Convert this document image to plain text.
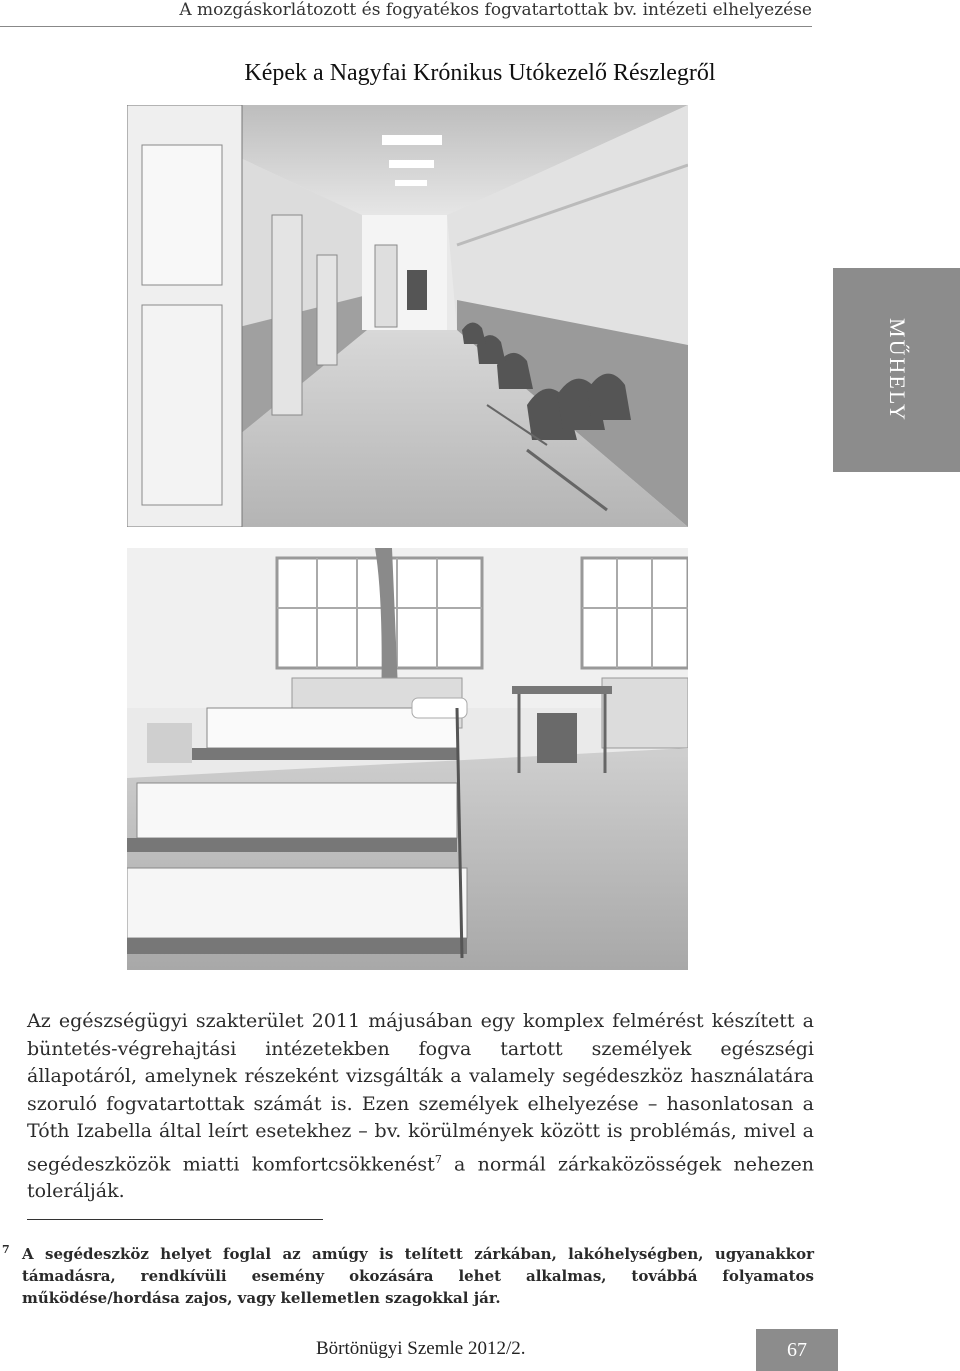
A mozgáskorlátozott és fogyatékos fogvatartottak bv. intézeti elhelyezése
Képek a Nagyfai Krónikus Utókezelő Részlegről
MŰHELY

Az egészségügyi szakterület 2011 májusában egy komplex felmérést készített a büntetés-végrehajtási intézetekben fogva tartott személyek egészségi állapotáról, amelynek részeként vizsgálták a valamely segédeszköz használatára szoruló fogvatartottak számát is. Ezen személyek elhelyezése – hasonlatosan a Tóth Izabella által leírt esetekhez – bv. körülmények között is problémás, mivel a segédeszközök miatti komfortcsökkenést$^7$ a normál zárkaközösségek nehezen tolerálják.

7 A segédeszköz helyet foglal az amúgy is telített zárkában, lakóhelységben, ugyanakkor támadásra, rendkívüli esemény okozására lehet alkalmas, továbbá folyamatos működése/hordása zajos, vagy kellemetlen szagokkal jár.

Börtönügyi Szemle 2012/2.	67
